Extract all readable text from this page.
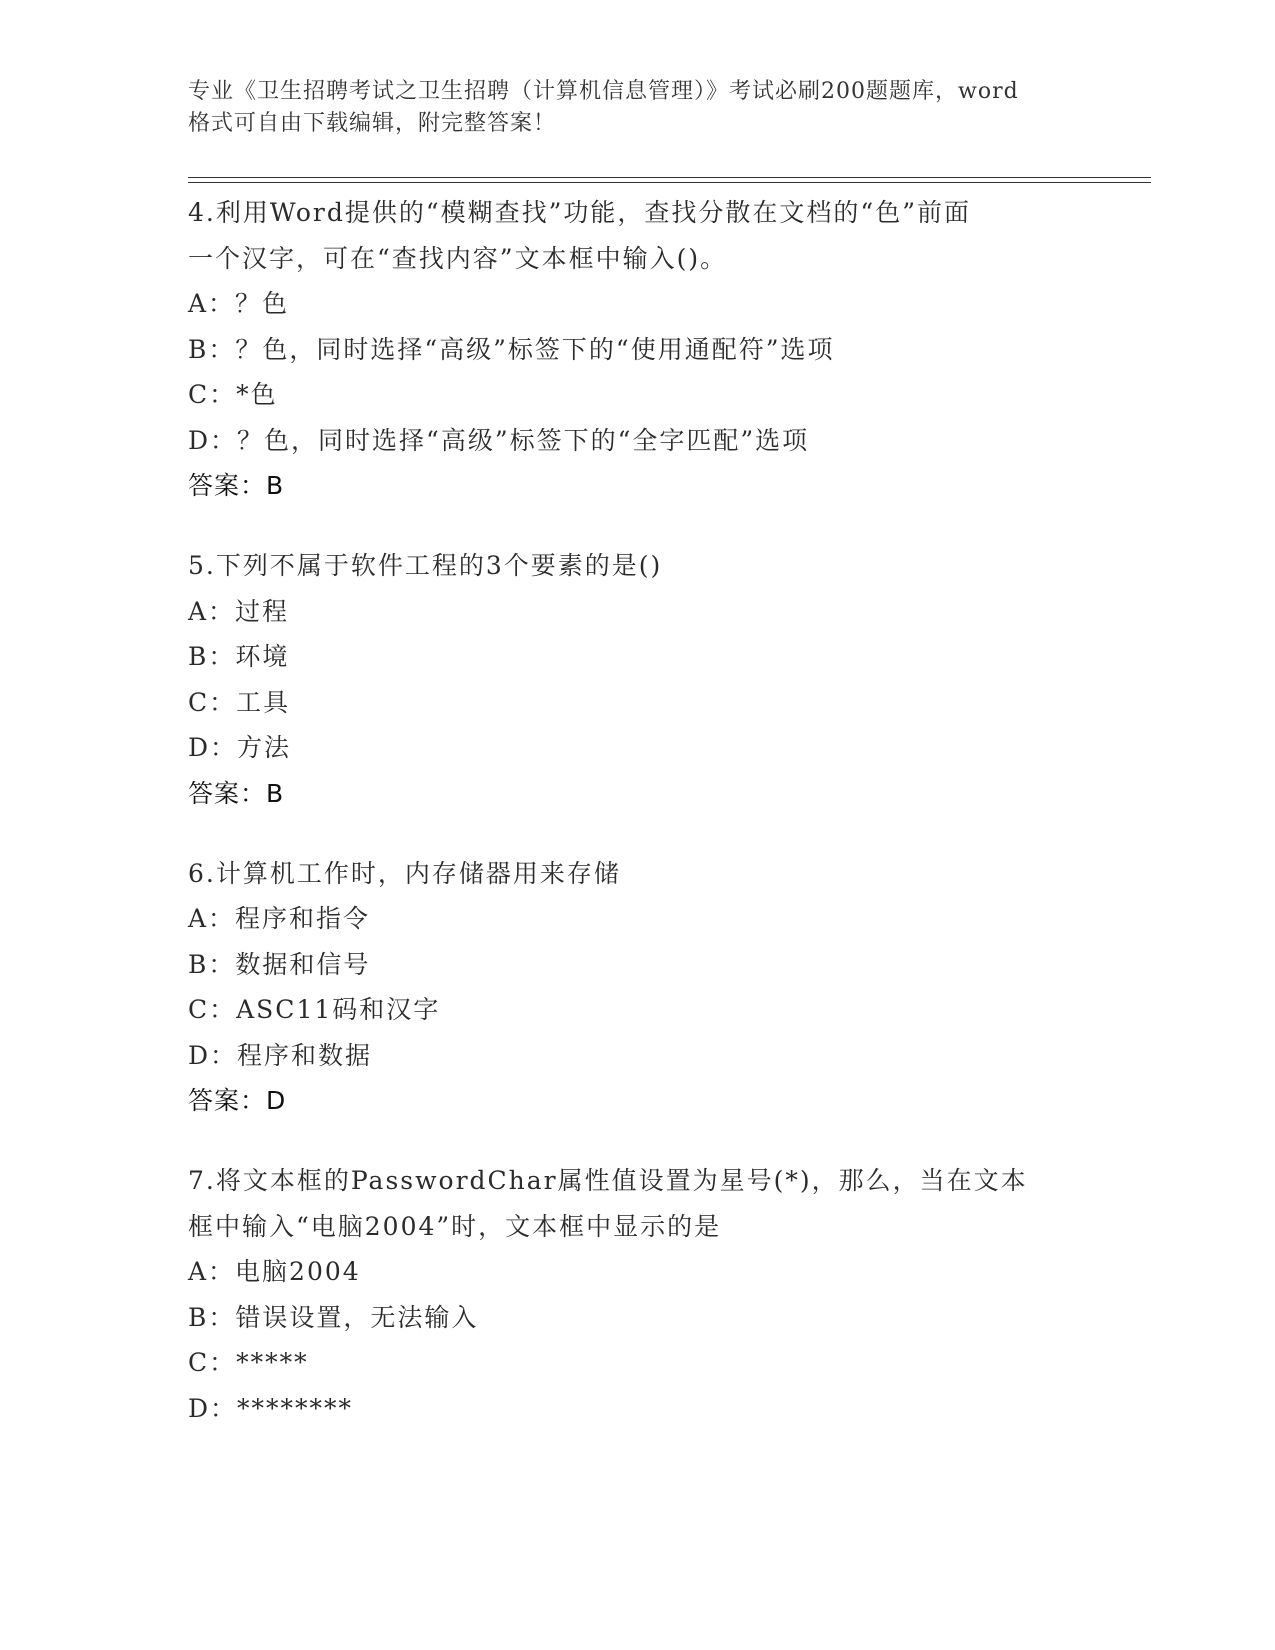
专业《卫生招聘考试之卫生招聘（计算机信息管理）》考试必刷200题题库，word
格式可自由下载编辑，附完整答案！
4.利用Word提供的“模糊查找”功能，查找分散在文档的“色”前面
一个汉字，可在“查找内容”文本框中输入()。
A：？色
B：？色，同时选择“高级”标签下的“使用通配符”选项
C：*色
D：？色，同时选择“高级”标签下的“全字匹配”选项
答案：B
5.下列不属于软件工程的3个要素的是()
A：过程
B：环境
C：工具
D：方法
答案：B
6.计算机工作时，内存储器用来存储
A：程序和指令
B：数据和信号
C：ASC11码和汉字
D：程序和数据
答案：D
7.将文本框的PasswordChar属性值设置为星号(*)，那么，当在文本
框中输入“电脑2004”时，文本框中显示的是
A：电脑2004
B：错误设置，无法输入
C：*****
D：********
